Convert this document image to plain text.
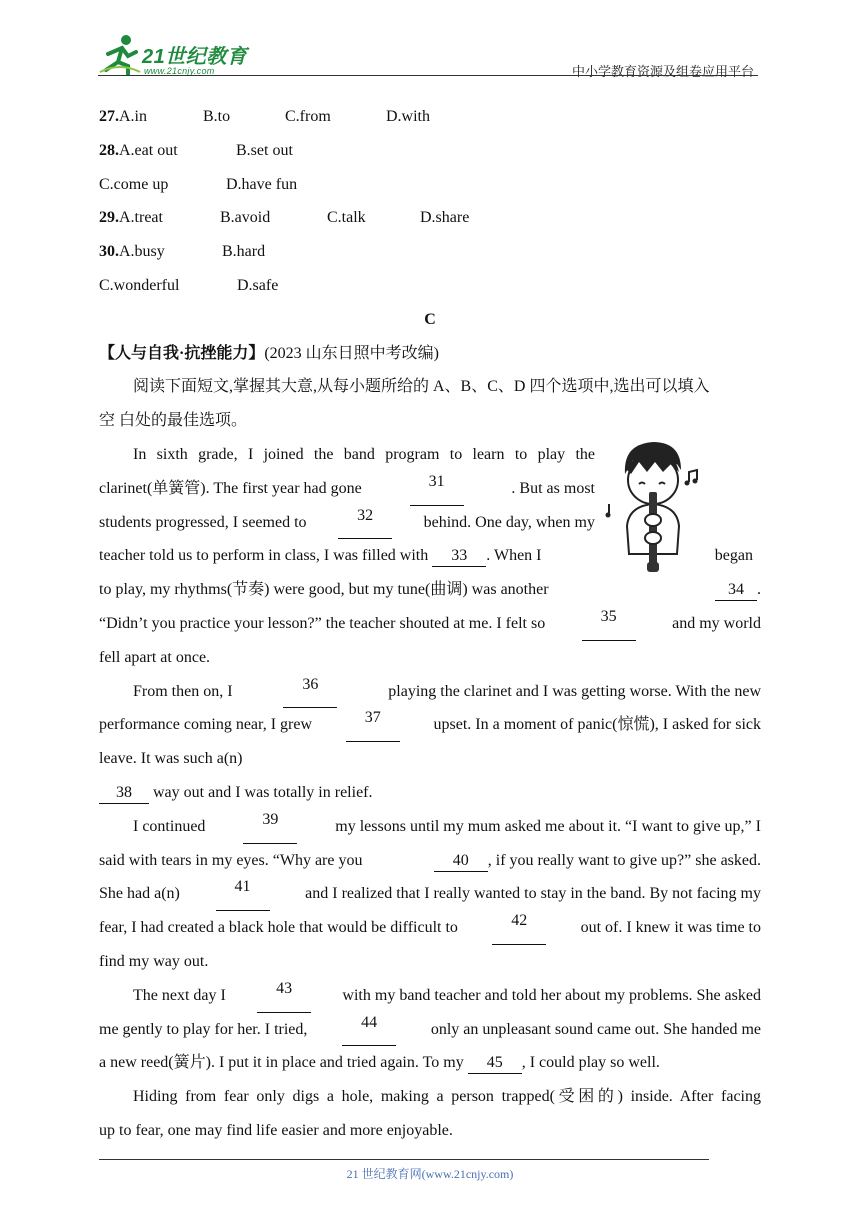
21世纪教育
www.21cnjy.com	中小学教育资源及组卷应用平台
27.A.in	B.to	C.from	D.with
28.A.eat out	B.set out
C.come up	D.have fun
29.A.treat	B.avoid	C.talk	D.share
30.A.busy	B.hard
C.wonderful	D.safe
C
【人与自我·抗挫能力】(2023 山东日照中考改编)
阅读下面短文,掌握其大意,从每小题所给的 A、B、C、D 四个选项中,选出可以填入
空 白处的最佳选项。
In sixth grade, I joined the band program to learn to play the
clarinet(单簧管). The first year had gone	31	. But as most
students progressed, I seemed to	32	behind. One day, when my
teacher told us to perform in class, I was filled with 33 . When I	began
to play, my rhythms(节奏) were good, but my tune(曲调) was another	34 .
“Didn’t you practice your lesson?” the teacher shouted at me. I felt so	35	and my world
fell apart at once.
From then on, I	36	playing the clarinet and I was getting worse. With the new
performance coming near, I grew	37	upset. In a moment of panic(惊慌), I asked for sick
leave. It was such a(n)
38 way out and I was totally in relief.
I continued	39	my lessons until my mum asked me about it. “I want to give up,” I
said with tears in my eyes. “Why are you	40 , if you really want to give up?” she asked.
She had a(n)	41	and I realized that I really wanted to stay in the band. By not facing my
fear, I had created a black hole that would be difficult to	42	out of. I knew it was time to
find my way out.
The next day I	43	with my band teacher and told her about my problems. She asked
me gently to play for her. I tried,	44	only an unpleasant sound came out. She handed me
a new reed(簧片). I put it in place and tried again. To my 45 , I could play so well.
Hiding from fear only digs a hole, making a person trapped(受困的) inside. After facing
up to fear, one may find life easier and more enjoyable.
21 世纪教育网(www.21cnjy.com)
